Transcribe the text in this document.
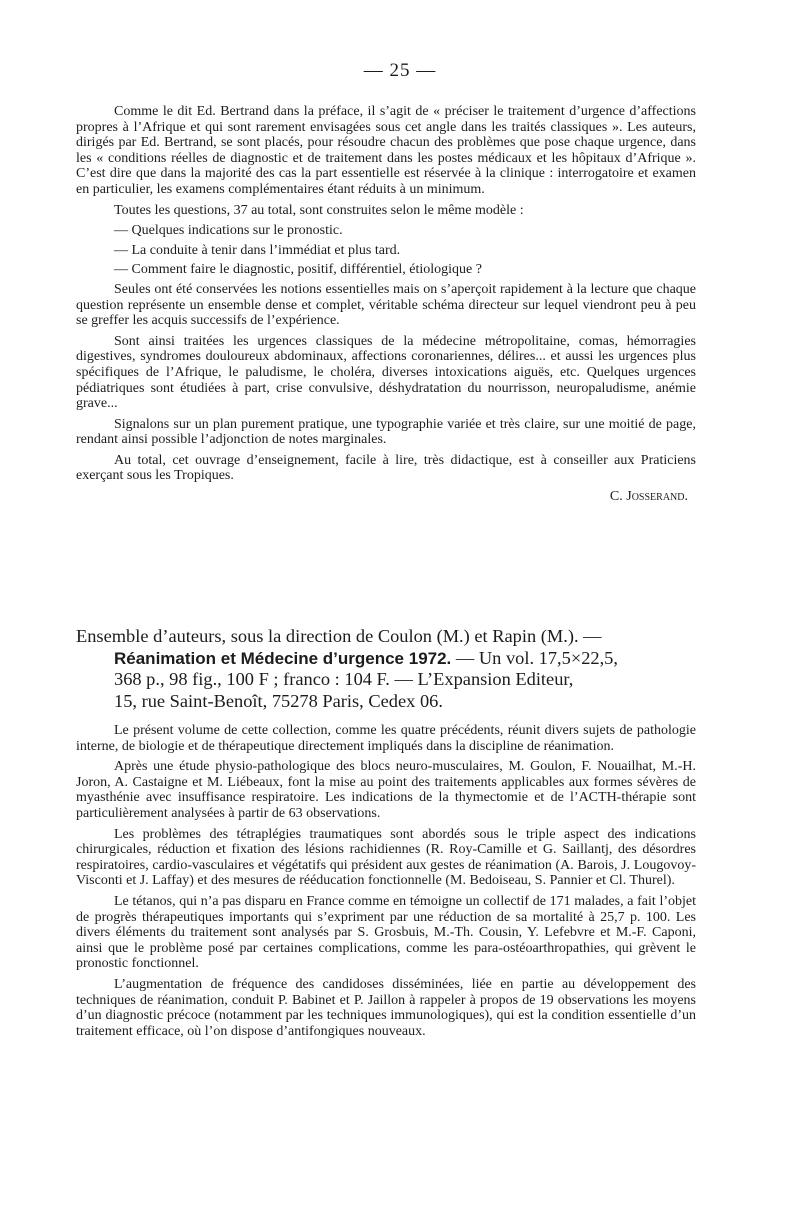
— 25 —

Comme le dit Ed. Bertrand dans la préface, il s’agit de « préciser le traitement d’urgence d’affections propres à l’Afrique et qui sont rarement envisagées sous cet angle dans les traités classiques ». Les auteurs, dirigés par Ed. Bertrand, se sont placés, pour résoudre chacun des problèmes que pose chaque urgence, dans les « conditions réelles de diagnostic et de traitement dans les postes médicaux et les hôpitaux d’Afrique ». C’est dire que dans la majorité des cas la part essentielle est réservée à la clinique : interrogatoire et examen en particulier, les examens complémentaires étant réduits à un minimum.

Toutes les questions, 37 au total, sont construites selon le même modèle :

— Quelques indications sur le pronostic.

— La conduite à tenir dans l’immédiat et plus tard.

— Comment faire le diagnostic, positif, différentiel, étiologique ?

Seules ont été conservées les notions essentielles mais on s’aperçoit rapidement à la lecture que chaque question représente un ensemble dense et complet, véritable schéma directeur sur lequel viendront peu à peu se greffer les acquis successifs de l’expérience.

Sont ainsi traitées les urgences classiques de la médecine métropolitaine, comas, hémorragies digestives, syndromes douloureux abdominaux, affections coronariennes, délires... et aussi les urgences plus spécifiques de l’Afrique, le paludisme, le choléra, diverses intoxications aiguës, etc. Quelques urgences pédiatriques sont étudiées à part, crise convulsive, déshydratation du nourrisson, neuropaludisme, anémie grave...

Signalons sur un plan purement pratique, une typographie variée et très claire, sur une moitié de page, rendant ainsi possible l’adjonction de notes marginales.

Au total, cet ouvrage d’enseignement, facile à lire, très didactique, est à conseiller aux Praticiens exerçant sous les Tropiques.

C. Josserand.
Ensemble d’auteurs, sous la direction de Coulon (M.) et Rapin (M.). —
Réanimation et Médecine d’urgence 1972. — Un vol. 17,5×22,5,
368 p., 98 fig., 100 F ; franco : 104 F. — L’Expansion Editeur,
15, rue Saint-Benoît, 75278 Paris, Cedex 06.

Le présent volume de cette collection, comme les quatre précédents, réunit divers sujets de pathologie interne, de biologie et de thérapeutique directement impliqués dans la discipline de réanimation.

Après une étude physio-pathologique des blocs neuro-musculaires, M. Goulon, F. Nouailhat, M.-H. Joron, A. Castaigne et M. Liébeaux, font la mise au point des traitements applicables aux formes sévères de myasthénie avec insuffisance respiratoire. Les indications de la thymectomie et de l’ACTH-thérapie sont particulièrement analysées à partir de 63 observations.

Les problèmes des tétraplégies traumatiques sont abordés sous le triple aspect des indications chirurgicales, réduction et fixation des lésions rachidiennes (R. Roy-Camille et G. Saillantj, des désordres respiratoires, cardio-vasculaires et végétatifs qui président aux gestes de réanimation (A. Barois, J. Lougovoy-Visconti et J. Laffay) et des mesures de rééducation fonctionnelle (M. Bedoiseau, S. Pannier et Cl. Thurel).

Le tétanos, qui n’a pas disparu en France comme en témoigne un collectif de 171 malades, a fait l’objet de progrès thérapeutiques importants qui s’expriment par une réduction de sa mortalité à 25,7 p. 100. Les divers éléments du traitement sont analysés par S. Grosbuis, M.-Th. Cousin, Y. Lefebvre et M.-F. Caponi, ainsi que le problème posé par certaines complications, comme les para-ostéoarthropathies, qui grèvent le pronostic fonctionnel.

L’augmentation de fréquence des candidoses disséminées, liée en partie au développement des techniques de réanimation, conduit P. Babinet et P. Jaillon à rappeler à propos de 19 observations les moyens d’un diagnostic précoce (notamment par les techniques immunologiques), qui est la condition essentielle d’un traitement efficace, où l’on dispose d’antifongiques nouveaux.
